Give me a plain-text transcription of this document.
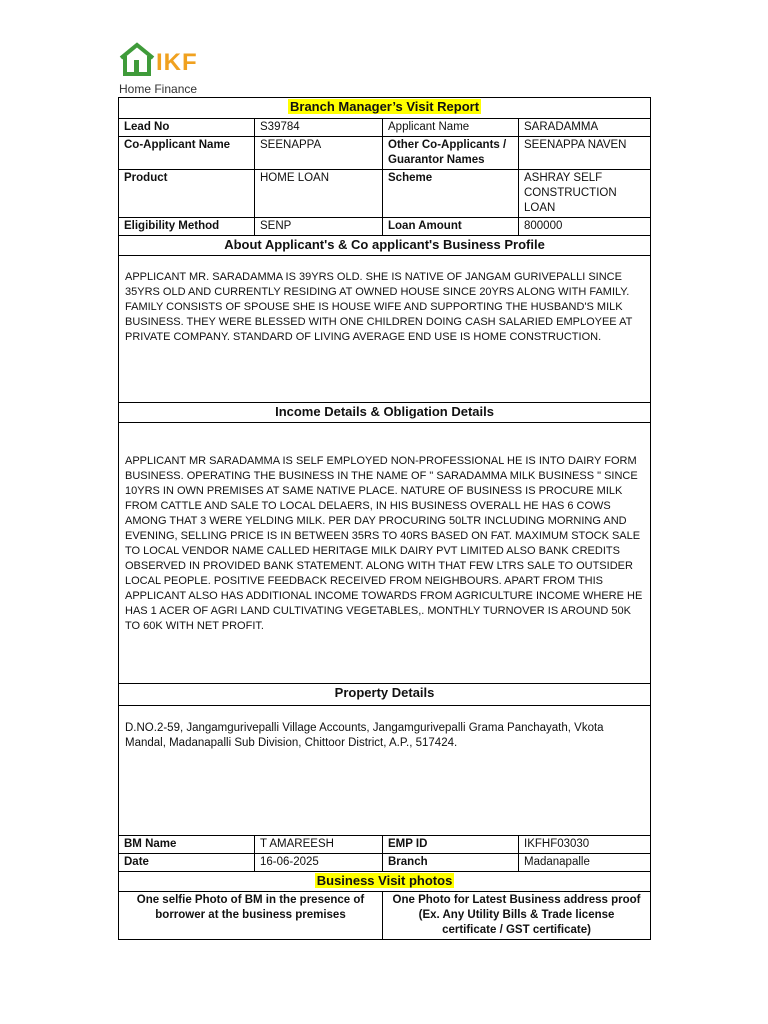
IKF
Home Finance
Branch Manager’s Visit Report			
Lead No	S39784	Applicant Name	SARADAMMA
Co-Applicant Name	SEENAPPA	Other Co-Applicants / Guarantor Names	SEENAPPA NAVEN
Product	HOME LOAN	Scheme	ASHRAY SELF CONSTRUCTION LOAN
Eligibility Method	SENP	Loan Amount	800000
About Applicant's & Co applicant's Business Profile			
APPLICANT MR. SARADAMMA IS 39YRS OLD. SHE IS NATIVE OF JANGAM GURIVEPALLI SINCE 35YRS OLD AND CURRENTLY RESIDING AT OWNED HOUSE SINCE 20YRS ALONG WITH FAMILY. FAMILY CONSISTS OF SPOUSE SHE IS HOUSE WIFE AND SUPPORTING THE HUSBAND'S MILK BUSINESS. THEY WERE BLESSED WITH ONE CHILDREN DOING CASH SALARIED EMPLOYEE AT PRIVATE COMPANY. STANDARD OF LIVING AVERAGE END USE IS HOME CONSTRUCTION.			
Income Details & Obligation Details			
APPLICANT MR SARADAMMA IS SELF EMPLOYED NON-PROFESSIONAL HE IS INTO DAIRY FORM BUSINESS. OPERATING THE BUSINESS IN THE NAME OF " SARADAMMA MILK BUSINESS " SINCE 10YRS IN OWN PREMISES AT SAME NATIVE PLACE. NATURE OF BUSINESS IS PROCURE MILK FROM CATTLE AND SALE TO LOCAL DELAERS, IN HIS BUSINESS OVERALL HE HAS 6 COWS AMONG THAT 3 WERE YELDING MILK. PER DAY PROCURING 50LTR INCLUDING MORNING AND EVENING, SELLING PRICE IS IN BETWEEN 35RS TO 40RS BASED ON FAT. MAXIMUM STOCK SALE TO LOCAL VENDOR NAME CALLED HERITAGE MILK DAIRY PVT LIMITED ALSO BANK CREDITS OBSERVED IN PROVIDED BANK STATEMENT. ALONG WITH THAT FEW LTRS SALE TO OUTSIDER LOCAL PEOPLE. POSITIVE FEEDBACK RECEIVED FROM NEIGHBOURS. APART FROM THIS APPLICANT ALSO HAS ADDITIONAL INCOME TOWARDS FROM AGRICULTURE INCOME WHERE HE HAS 1 ACER OF AGRI LAND CULTIVATING VEGETABLES,. MONTHLY TURNOVER IS AROUND 50K TO 60K WITH NET PROFIT.			
Property Details			
D.NO.2-59, Jangamgurivepalli Village Accounts, Jangamgurivepalli Grama Panchayath, Vkota Mandal, Madanapalli Sub Division, Chittoor District, A.P., 517424.			
BM Name	T AMAREESH	EMP ID	IKFHF03030
Date	16-06-2025	Branch	Madanapalle
Business Visit photos			
One selfie Photo of BM in the presence of borrower at the business premises		One Photo for Latest Business address proof (Ex. Any Utility Bills & Trade license certificate / GST certificate)	
